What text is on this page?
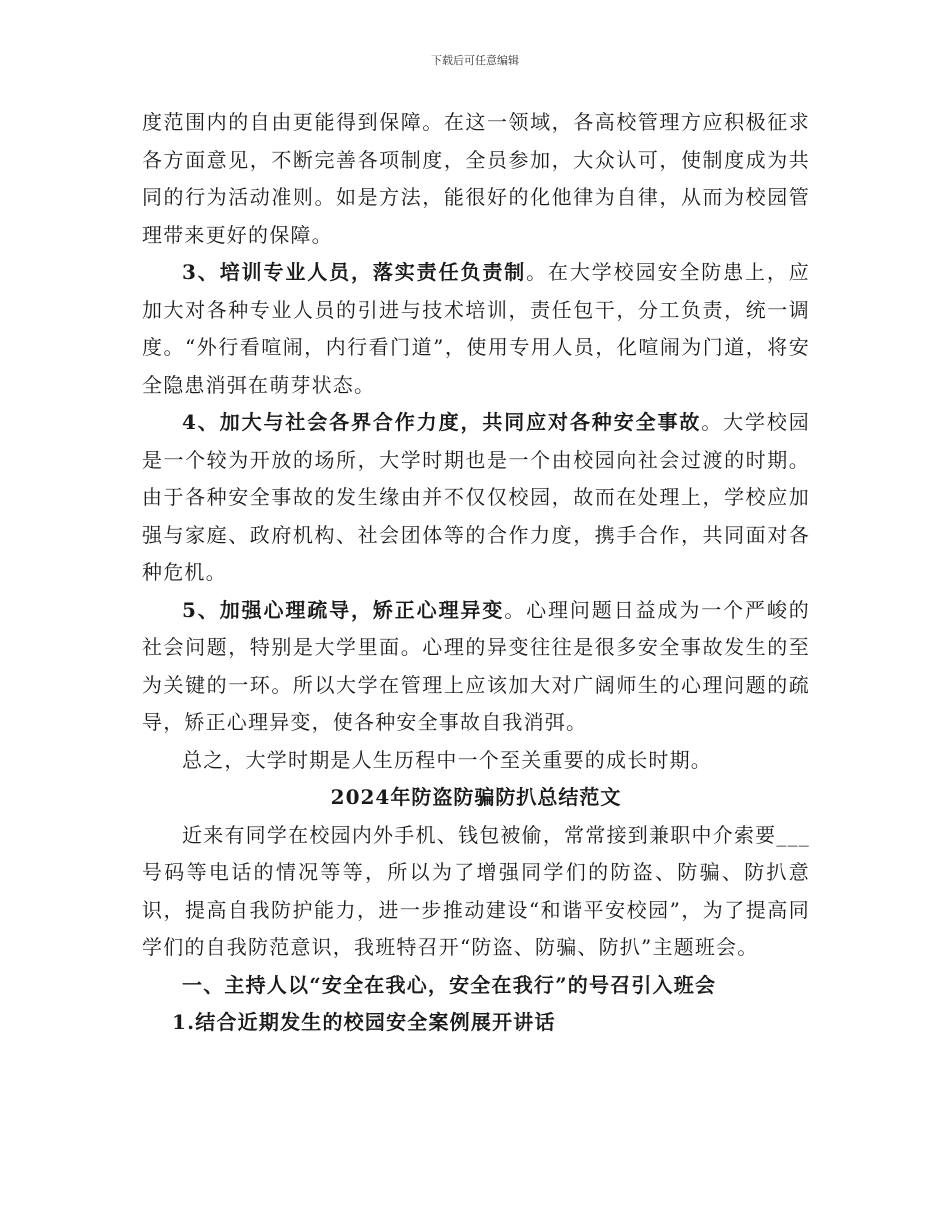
下载后可任意编辑

度范围内的自由更能得到保障。在这一领域，各高校管理方应积极征求各方面意见，不断完善各项制度，全员参加，大众认可，使制度成为共同的行为活动准则。如是方法，能很好的化他律为自律，从而为校园管理带来更好的保障。

3、培训专业人员，落实责任负责制。在大学校园安全防患上，应加大对各种专业人员的引进与技术培训，责任包干，分工负责，统一调度。“外行看喧闹，内行看门道”，使用专用人员，化喧闹为门道，将安全隐患消弭在萌芽状态。

4、加大与社会各界合作力度，共同应对各种安全事故。大学校园是一个较为开放的场所，大学时期也是一个由校园向社会过渡的时期。由于各种安全事故的发生缘由并不仅仅校园，故而在处理上，学校应加强与家庭、政府机构、社会团体等的合作力度，携手合作，共同面对各种危机。

5、加强心理疏导，矫正心理异变。心理问题日益成为一个严峻的社会问题，特别是大学里面。心理的异变往往是很多安全事故发生的至为关键的一环。所以大学在管理上应该加大对广阔师生的心理问题的疏导，矫正心理异变，使各种安全事故自我消弭。

总之，大学时期是人生历程中一个至关重要的成长时期。

2024年防盗防骗防扒总结范文

近来有同学在校园内外手机、钱包被偷，常常接到兼职中介索要___号码等电话的情况等等，所以为了增强同学们的防盗、防骗、防扒意识，提高自我防护能力，进一步推动建设“和谐平安校园”，为了提高同学们的自我防范意识，我班特召开“防盗、防骗、防扒”主题班会。

一、主持人以“安全在我心，安全在我行”的号召引入班会

1.结合近期发生的校园安全案例展开讲话
